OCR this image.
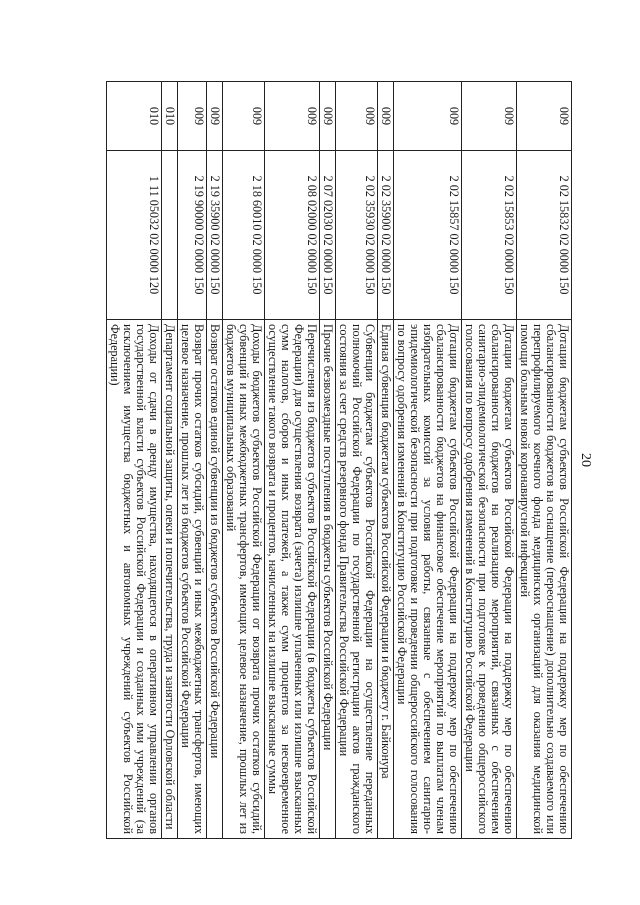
20
009	2 02 15832 02 0000 150	Дотации бюджетам субъектов Российской Федерации на поддержку мер по обеспечению сбалансированности бюджетов на оснащение (переоснащение) дополнительно создаваемого или перепрофилируемого коечного фонда медицинских организаций для оказания медицинской помощи больным новой коронавирусной инфекцией
009	2 02 15853 02 0000 150	Дотации бюджетам субъектов Российской Федерации на поддержку мер по обеспечению сбалансированности бюджетов на реализацию мероприятий, связанных с обеспечением санитарно-эпидемиологической безопасности при подготовке к проведению общероссийского голосования по вопросу одобрения изменений в Конституцию Российской Федерации
009	2 02 15857 02 0000 150	Дотации бюджетам субъектов Российской Федерации на поддержку мер по обеспечению сбалансированности бюджетов на финансовое обеспечение мероприятий по выплатам членам избирательных комиссий за условия работы, связанные с обеспечением санитарно-эпидемиологической безопасности при подготовке и проведении общероссийского голосования по вопросу одобрения изменений в Конституцию Российской Федерации
009	2 02 35900 02 0000 150	Единая субвенция бюджетам субъектов Российской Федерации и бюджету г. Байконура
009	2 02 35930 02 0000 150	Субвенции бюджетам субъектов Российской Федерации на осуществление переданных полномочий Российской Федерации по государственной регистрации актов гражданского состояния за счет средств резервного фонда Правительства Российской Федерации
009	2 07 02030 02 0000 150	Прочие безвозмездные поступления в бюджеты субъектов Российской Федерации
009	2 08 02000 02 0000 150	Перечисления из бюджетов субъектов Российской Федерации (в бюджеты субъектов Российской Федерации) для осуществления возврата (зачета) излишне уплаченных или излишне взысканных сумм налогов, сборов и иных платежей, а также сумм процентов за несвоевременное осуществление такого возврата и процентов, начисленных на излишне взысканные суммы
009	2 18 60010 02 0000 150	Доходы бюджетов субъектов Российской Федерации от возврата прочих остатков субсидий, субвенций и иных межбюджетных трансфертов, имеющих целевое назначение, прошлых лет из бюджетов муниципальных образований
009	2 19 35900 02 0000 150	Возврат остатков единой субвенции из бюджетов субъектов Российской Федерации
009	2 19 90000 02 0000 150	Возврат прочих остатков субсидий, субвенций и иных межбюджетных трансфертов, имеющих целевое назначение, прошлых лет из бюджетов субъектов Российской Федерации
010		Департамент социальной защиты, опеки и попечительства, труда и занятости Орловской области
010	1 11 05032 02 0000 120	Доходы от сдачи в аренду имущества, находящегося в оперативном управлении органов государственной власти субъектов Российской Федерации и созданных ими учреждений (за исключением имущества бюджетных и автономных учреждений субъектов Российской Федерации)
